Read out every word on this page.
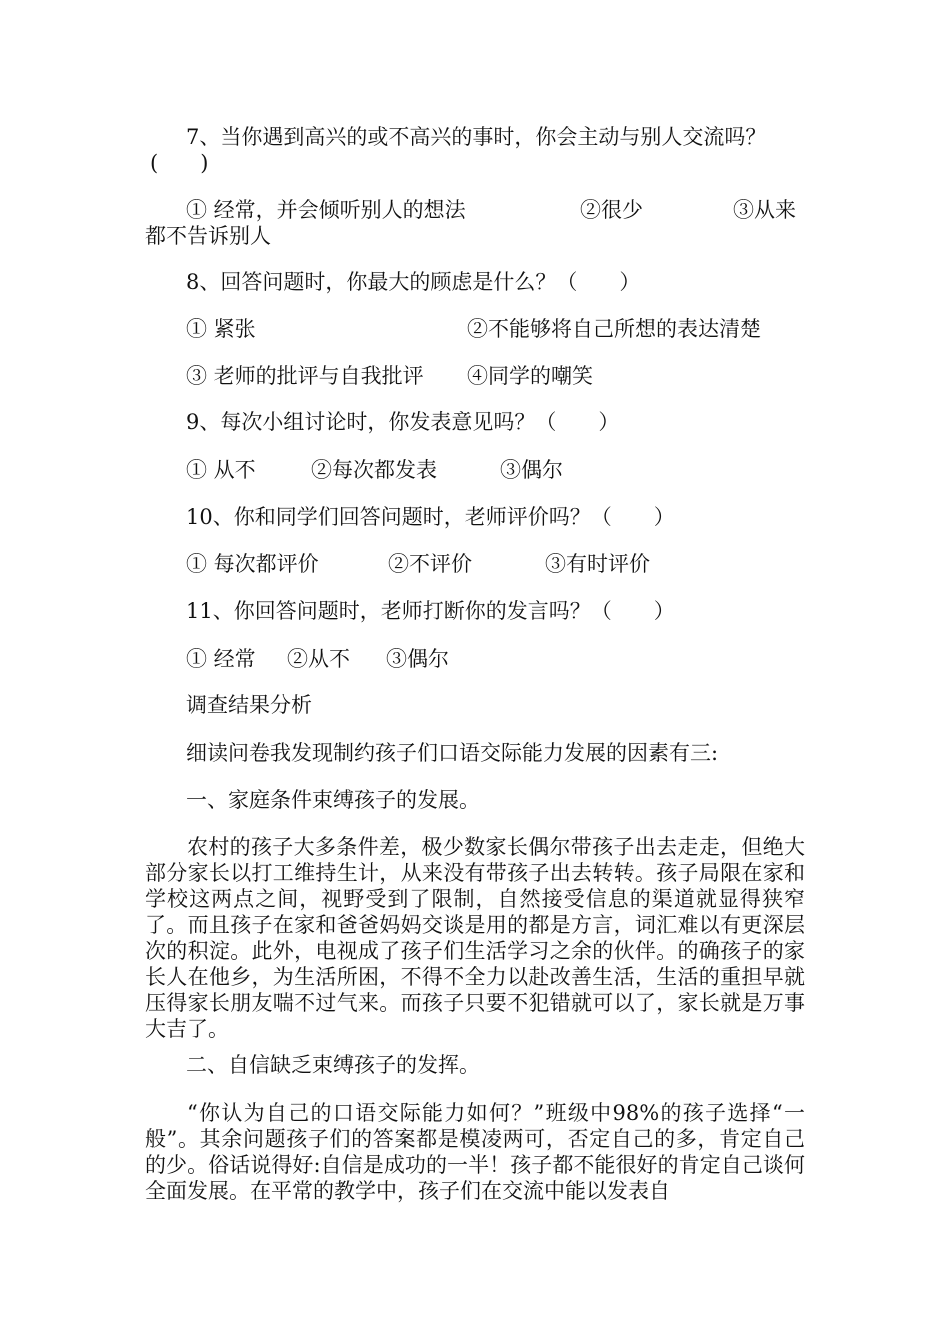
7、当你遇到高兴的或不高兴的事时，你会主动与别人交流吗？
(　　)
① 经常，并会倾听别人的想法	②很少	③从来
都不告诉别人
8、回答问题时，你最大的顾虑是什么？（　　）
① 紧张	②不能够将自己所想的表达清楚
③ 老师的批评与自我批评 ④同学的嘲笑
9、每次小组讨论时，你发表意见吗？（　　）
① 从不	②每次都发表	③偶尔
10、你和同学们回答问题时，老师评价吗？（　　）
① 每次都评价	②不评价	③有时评价
11、你回答问题时，老师打断你的发言吗？（　　）
① 经常 ②从不 ③偶尔
调查结果分析
细读问卷我发现制约孩子们口语交际能力发展的因素有三:
一、家庭条件束缚孩子的发展。
农村的孩子大多条件差，极少数家长偶尔带孩子出去走走，但绝大部分家长以打工维持生计，从来没有带孩子出去转转。孩子局限在家和学校这两点之间，视野受到了限制，自然接受信息的渠道就显得狭窄了。而且孩子在家和爸爸妈妈交谈是用的都是方言，词汇难以有更深层次的积淀。此外，电视成了孩子们生活学习之余的伙伴。的确孩子的家长人在他乡，为生活所困，不得不全力以赴改善生活，生活的重担早就压得家长朋友喘不过气来。而孩子只要不犯错就可以了，家长就是万事大吉了。
二、自信缺乏束缚孩子的发挥。
“你认为自己的口语交际能力如何？”班级中98%的孩子选择“一般”。其余问题孩子们的答案都是模凌两可，否定自己的多，肯定自己的少。俗话说得好:自信是成功的一半！孩子都不能很好的肯定自己谈何全面发展。在平常的教学中，孩子们在交流中能以发表自
